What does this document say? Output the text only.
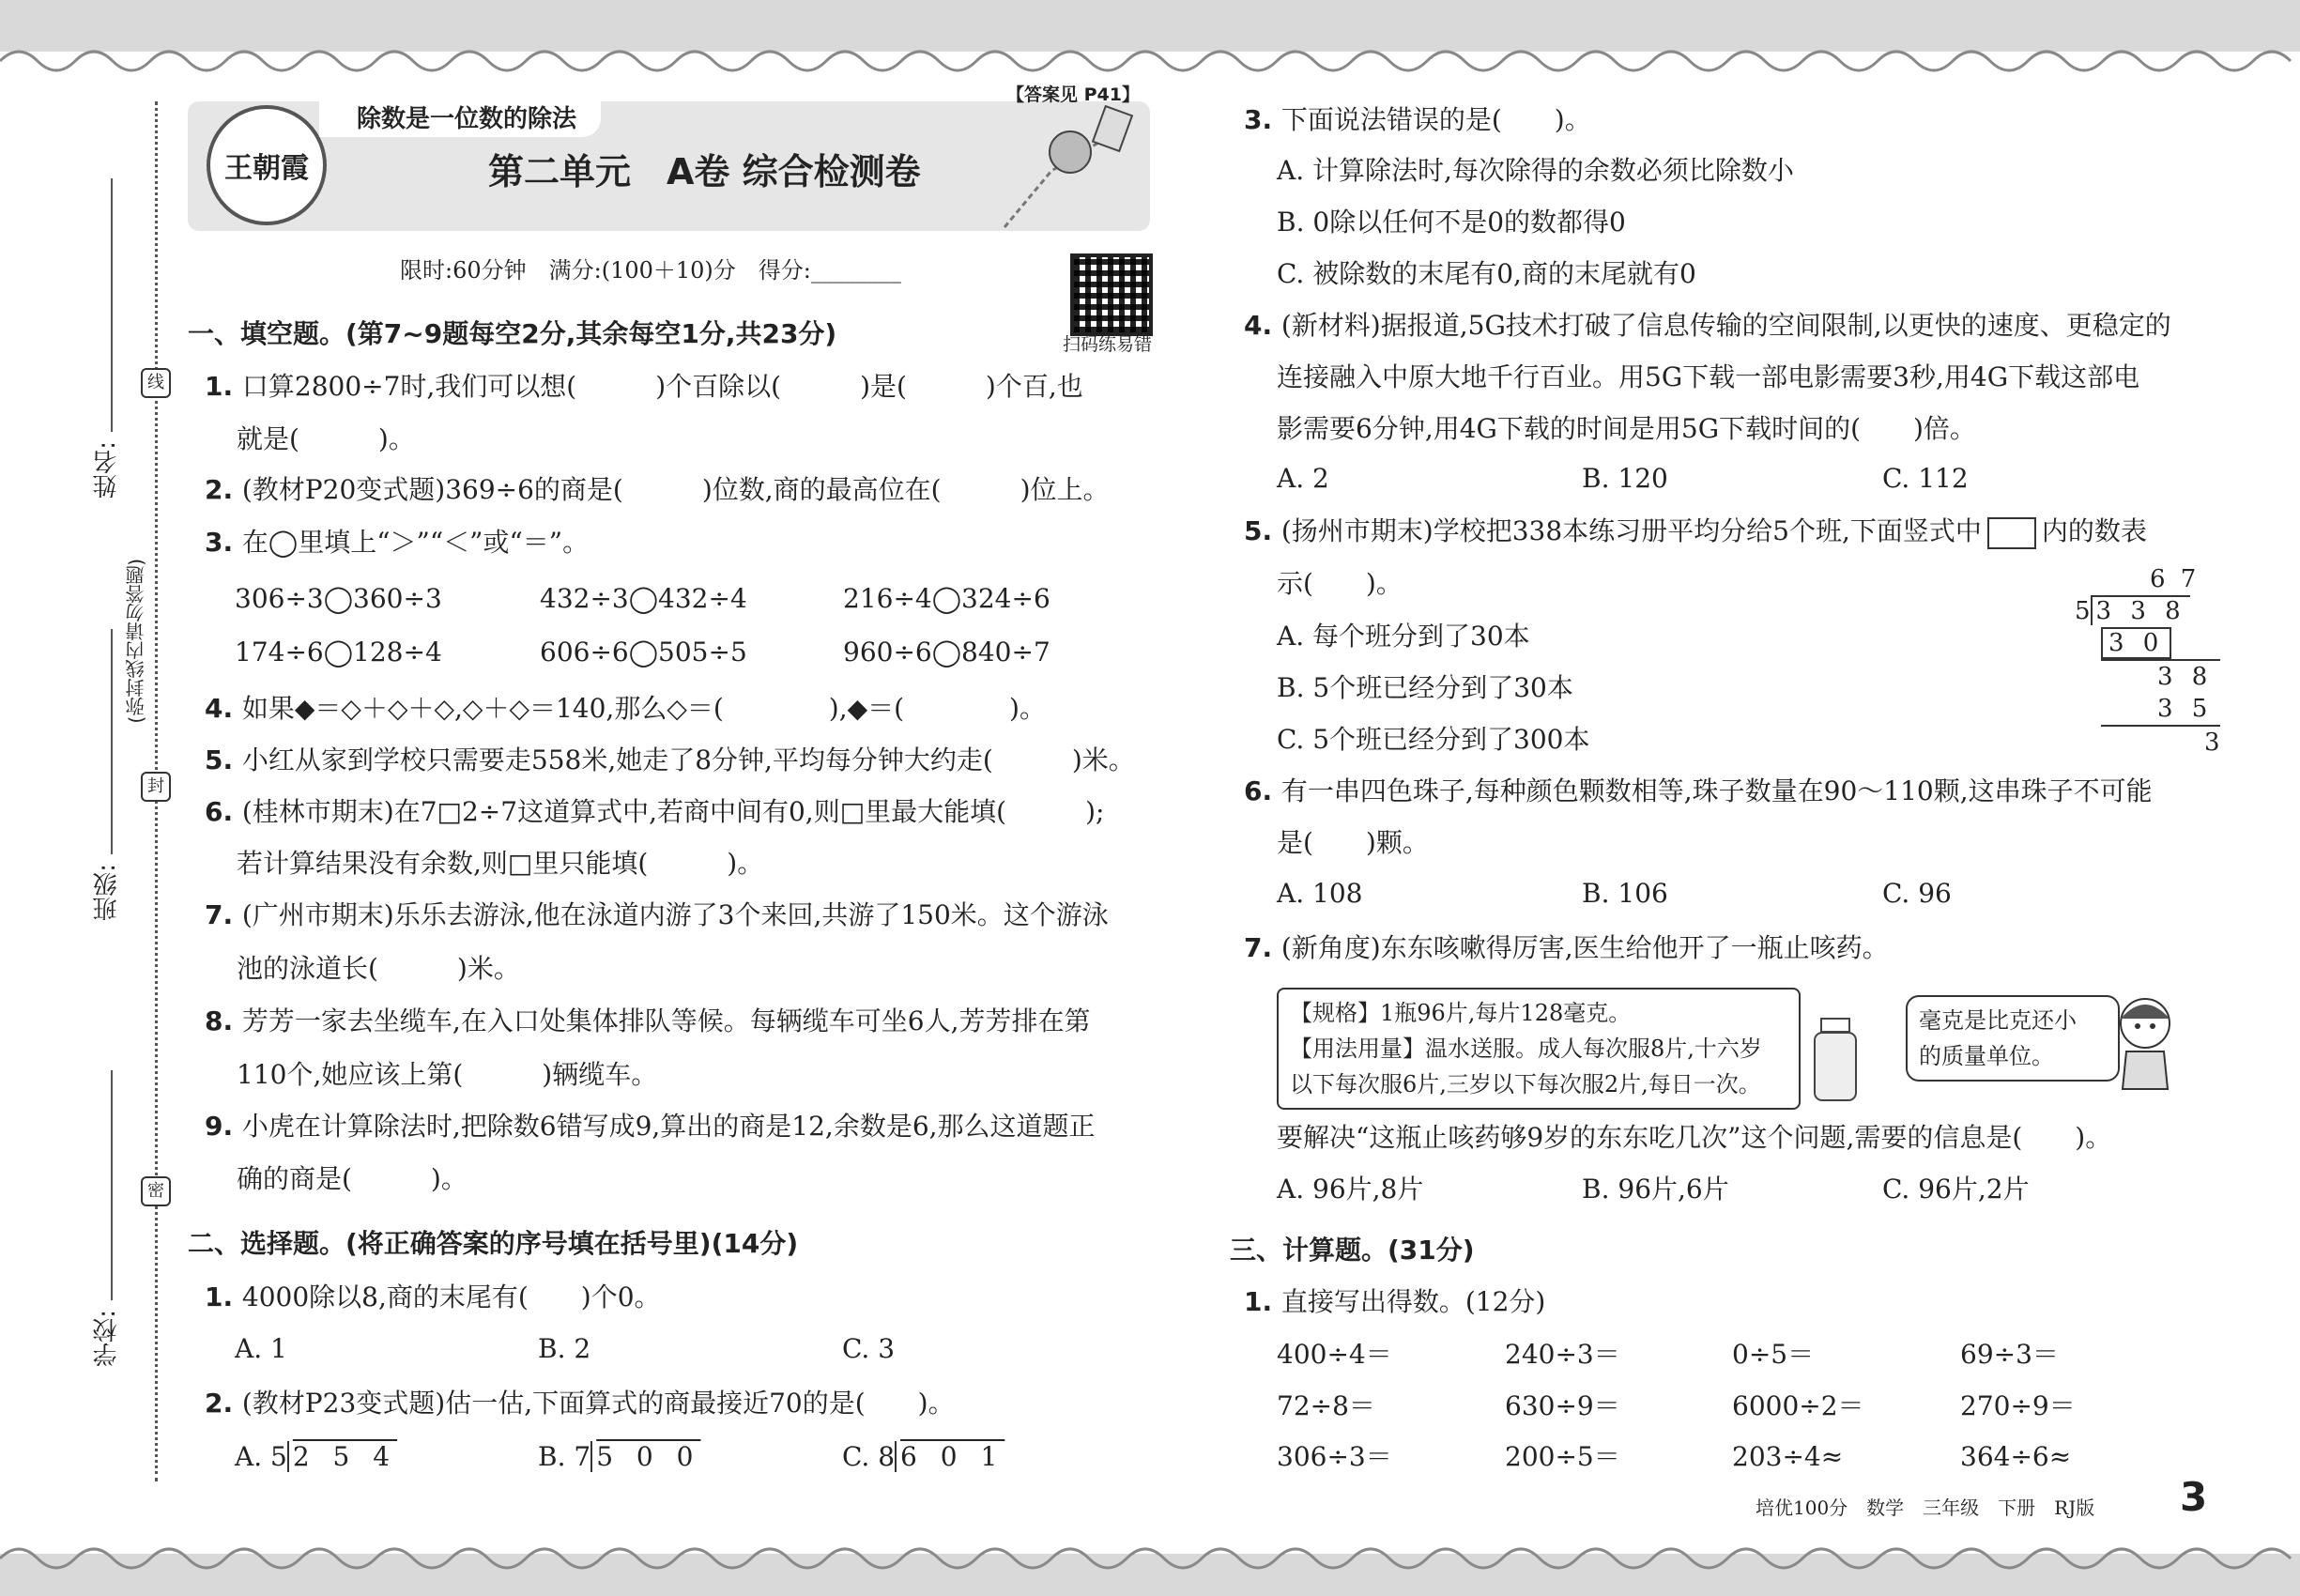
姓名:
班级:
学校:
(弥封线内请勿答题)
线
封
密
王朝霞
除数是一位数的除法
第二单元　A卷 综合检测卷
【答案见 P41】
限时:60分钟　满分:(100＋10)分　得分:________
扫码练易错
一、填空题。(第7~9题每空2分,其余每空1分,共23分)
1. 口算2800÷7时,我们可以想(　　　)个百除以(　　　)是(　　　)个百,也
就是(　　　)。
2. (教材P20变式题)369÷6的商是(　　　)位数,商的最高位在(　　　)位上。
3. 在◯里填上“＞”“＜”或“＝”。
306÷3◯360÷3	432÷3◯432÷4	216÷4◯324÷6
174÷6◯128÷4	606÷6◯505÷5	960÷6◯840÷7
4. 如果◆＝◇＋◇＋◇,◇＋◇＝140,那么◇＝(　　　　),◆＝(　　　　)。
5. 小红从家到学校只需要走558米,她走了8分钟,平均每分钟大约走(　　　)米。
6. (桂林市期末)在7□2÷7这道算式中,若商中间有0,则□里最大能填(　　　);
若计算结果没有余数,则□里只能填(　　　)。
7. (广州市期末)乐乐去游泳,他在泳道内游了3个来回,共游了150米。这个游泳
池的泳道长(　　　)米。
8. 芳芳一家去坐缆车,在入口处集体排队等候。每辆缆车可坐6人,芳芳排在第
110个,她应该上第(　　　)辆缆车。
9. 小虎在计算除法时,把除数6错写成9,算出的商是12,余数是6,那么这道题正
确的商是(　　　)。
二、选择题。(将正确答案的序号填在括号里)(14分)
1. 4000除以8,商的末尾有(　　)个0。
A. 1	B. 2	C. 3
2. (教材P23变式题)估一估,下面算式的商最接近70的是(　　)。
A. 5 2 5 4	B. 7 5 0 0	C. 8 6 0 1
3. 下面说法错误的是(　　)。
A. 计算除法时,每次除得的余数必须比除数小
B. 0除以任何不是0的数都得0
C. 被除数的末尾有0,商的末尾就有0
4. (新材料)据报道,5G技术打破了信息传输的空间限制,以更快的速度、更稳定的
连接融入中原大地千行百业。用5G下载一部电影需要3秒,用4G下载这部电
影需要6分钟,用4G下载的时间是用5G下载时间的(　　)倍。
A. 2	B. 120	C. 112
5. (扬州市期末)学校把338本练习册平均分给5个班,下面竖式中 内的数表
示(　　)。
A. 每个班分到了30本
B. 5个班已经分到了30本
C. 5个班已经分到了300本
6 7
5 3 3 8
3 0
3 8
3 5
3
6. 有一串四色珠子,每种颜色颗数相等,珠子数量在90～110颗,这串珠子不可能
是(　　)颗。
A. 108	B. 106	C. 96
7. (新角度)东东咳嗽得厉害,医生给他开了一瓶止咳药。
【规格】1瓶96片,每片128毫克。
【用法用量】温水送服。成人每次服8片,十六岁
以下每次服6片,三岁以下每次服2片,每日一次。
毫克是比克还小
的质量单位。
要解决“这瓶止咳药够9岁的东东吃几次”这个问题,需要的信息是(　　)。
A. 96片,8片	B. 96片,6片	C. 96片,2片
三、计算题。(31分)
1. 直接写出得数。(12分)
400÷4＝	240÷3＝	0÷5＝	69÷3＝
72÷8＝	630÷9＝	6000÷2＝	270÷9＝
306÷3＝	200÷5＝	203÷4≈	364÷6≈
培优100分　数学　三年级　下册　RJ版 3
